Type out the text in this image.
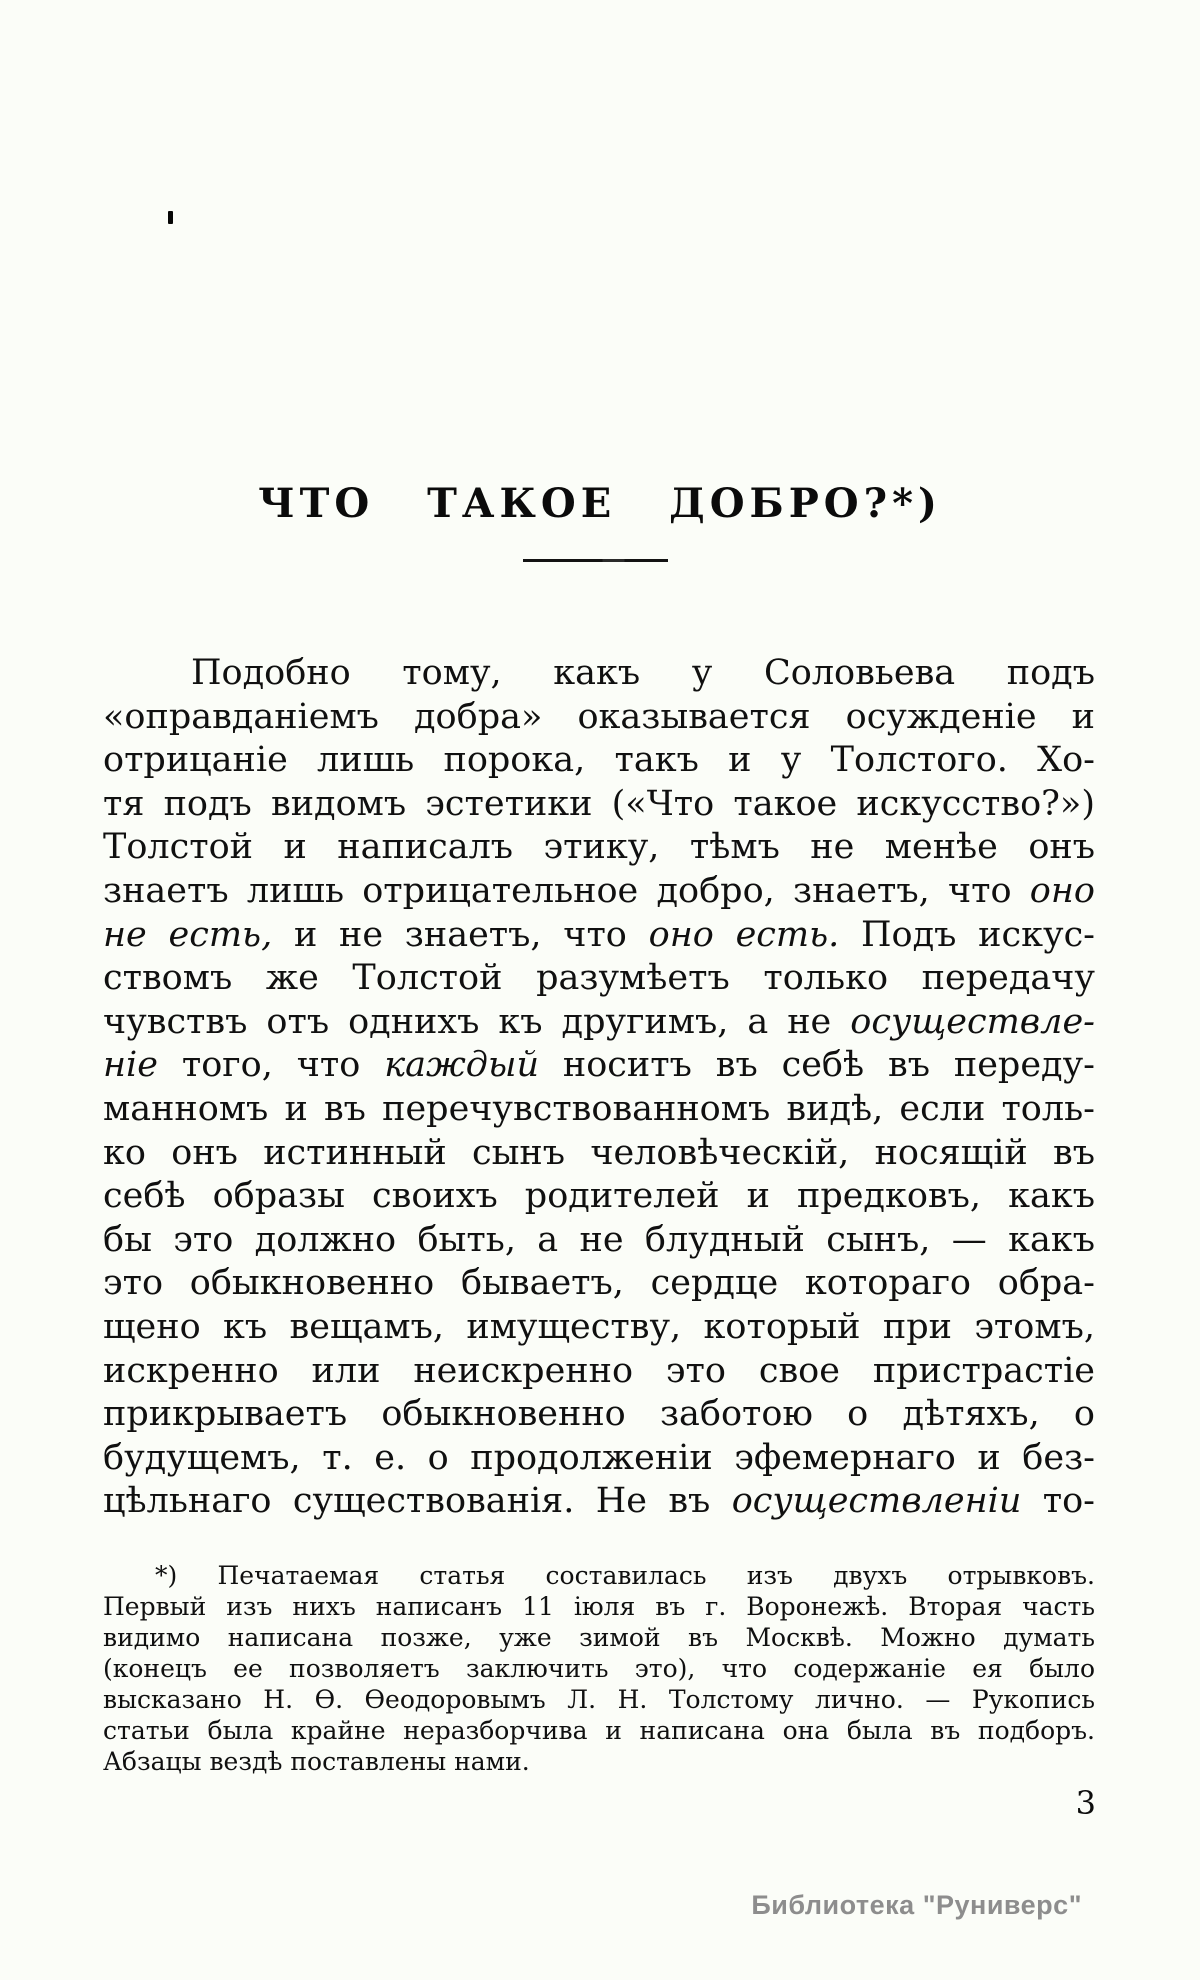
ЧТО ТАКОЕ ДОБРО?*)
Подобно тому, какъ у Соловьева подъ
«оправданіемъ добра» оказывается осужденіе и
отрицаніе лишь порока, такъ и у Толстого. Хо-
тя подъ видомъ эстетики («Что такое искусство?»)
Толстой и написалъ этику, тѣмъ не менѣе онъ
знаетъ лишь отрицательное добро, знаетъ, что оно
не есть, и не знаетъ, что оно есть. Подъ искус-
ствомъ же Толстой разумѣетъ только передачу
чувствъ отъ однихъ къ другимъ, а не осуществле-
ніе того, что каждый носитъ въ себѣ въ переду-
манномъ и въ перечувствованномъ видѣ, если толь-
ко онъ истинный сынъ человѣческій, носящій въ
себѣ образы своихъ родителей и предковъ, какъ
бы это должно быть, а не блудный сынъ, — какъ
это обыкновенно бываетъ, сердце котораго обра-
щено къ вещамъ, имуществу, который при этомъ,
искренно или неискренно это свое пристрастіе
прикрываетъ обыкновенно заботою о дѣтяхъ, о
будущемъ, т. е. о продолженіи эфемернаго и без-
цѣльнаго существованія. Не въ осуществленіи то-
*) Печатаемая статья составилась изъ двухъ отрывковъ.
Первый изъ нихъ написанъ 11 іюля въ г. Воронежѣ. Вторая часть
видимо написана позже, уже зимой въ Москвѣ. Можно думать
(конецъ ее позволяетъ заключить это), что содержаніе ея было
высказано Н. Ѳ. Ѳеодоровымъ Л. Н. Толстому лично. — Рукопись
статьи была крайне неразборчива и написана она была въ подборъ.
Абзацы вездѣ поставлены нами.
3
Библиотека "Руниверс"
